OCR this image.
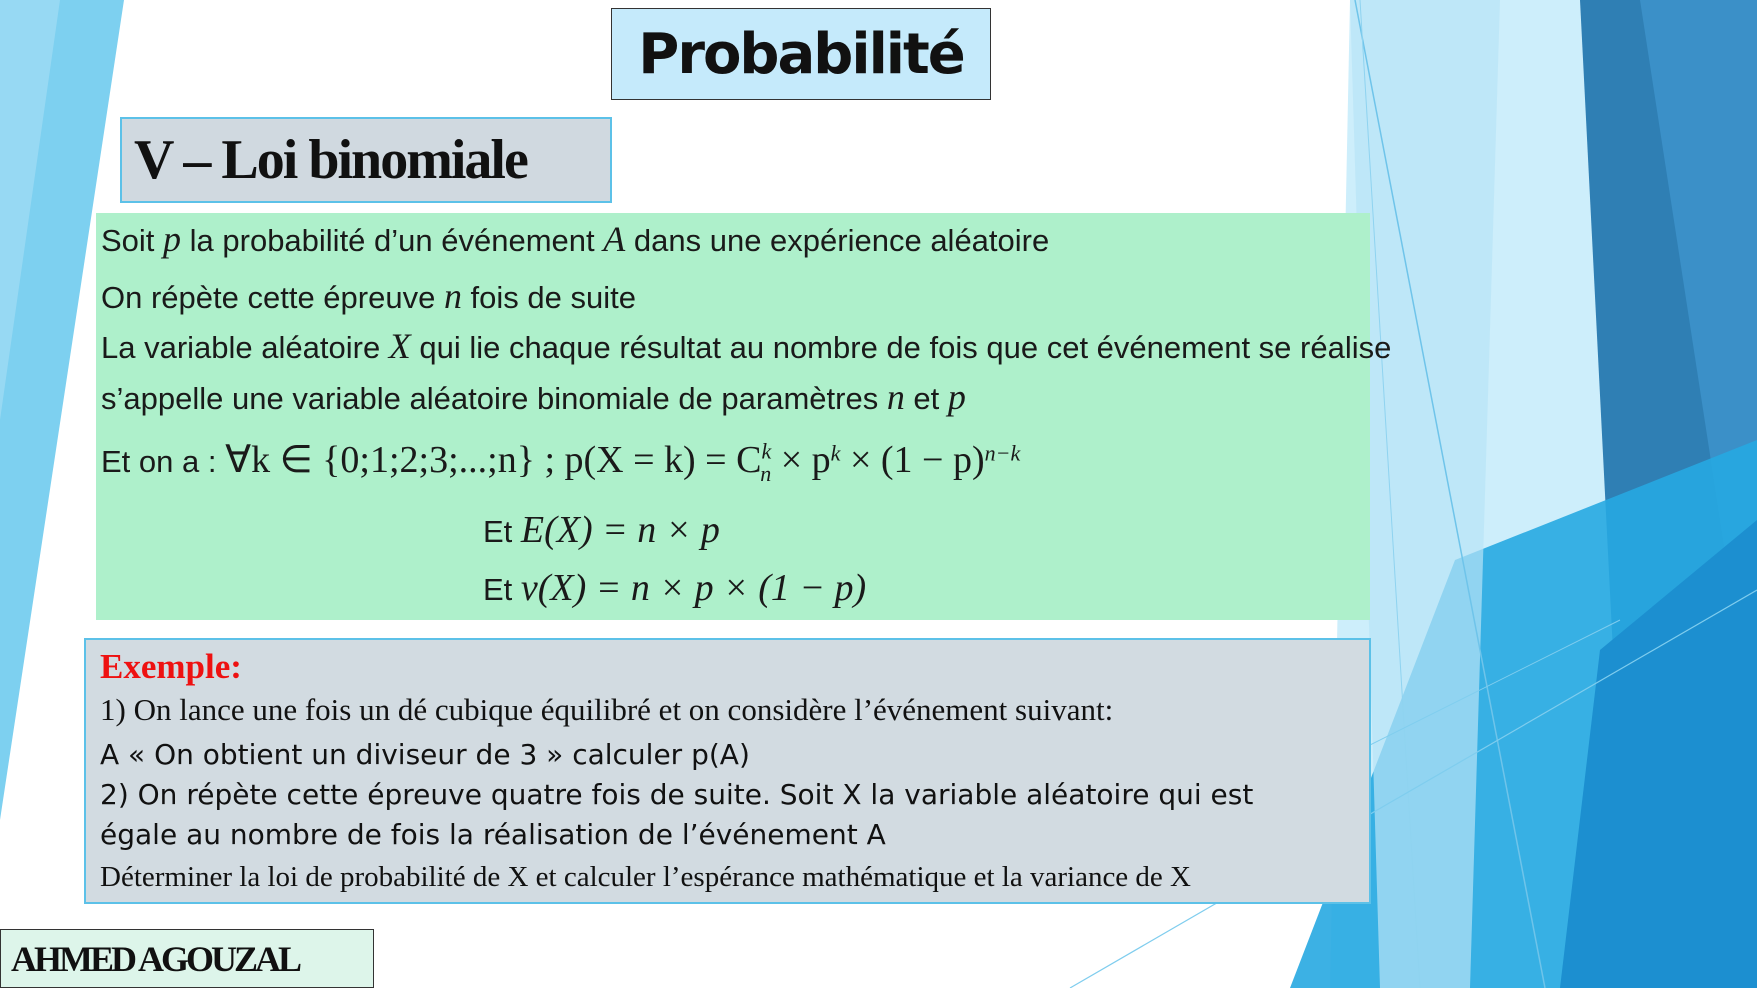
Probabilité
V – Loi binomiale
Soit p la probabilité d’un événement A dans une expérience aléatoire
On répète cette épreuve n fois de suite
La variable aléatoire X qui lie chaque résultat au nombre de fois que cet événement se réalise
s’appelle une variable aléatoire binomiale de paramètres n et p
Et on a : ∀k ∈ {0;1;2;3;...;n} ; $p(X = k) = C^k_n \times p^k \times (1 - p)^{n-k}$
Et E(X) = n × p
Et v(X) = n × p × (1 − p)
Exemple:
1) On lance une fois un dé cubique équilibré et on considère l’événement suivant:
A « On obtient un diviseur de 3 » calculer p(A)
2) On répète cette épreuve quatre fois de suite. Soit X la variable aléatoire qui est
égale au nombre de fois la réalisation de l’événement A
Déterminer la loi de probabilité de X et calculer l’espérance mathématique et la variance de X
AHMED AGOUZAL
